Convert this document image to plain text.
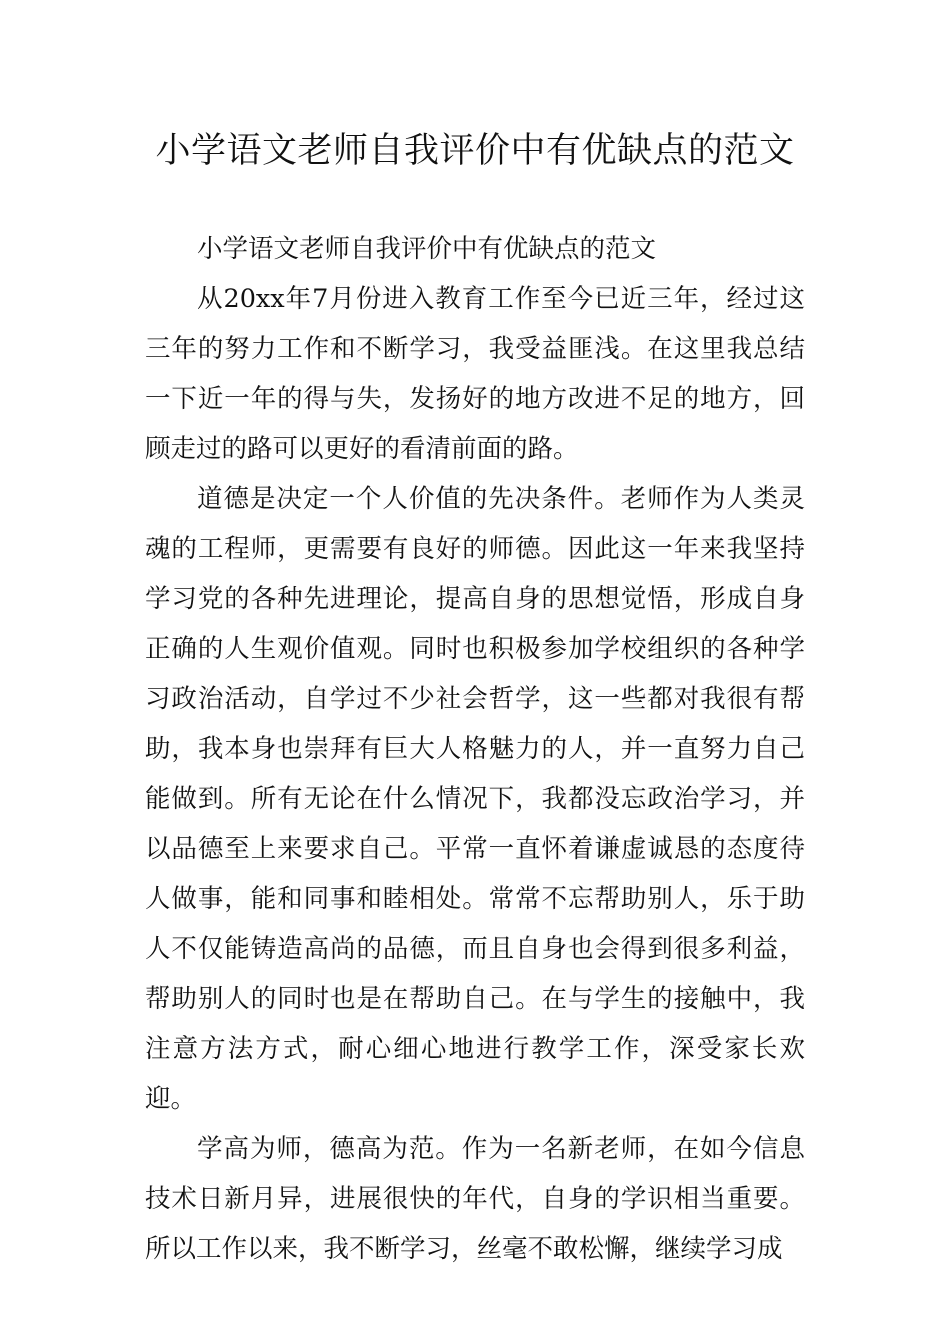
小学语文老师自我评价中有优缺点的范文

小学语文老师自我评价中有优缺点的范文

从20xx年7月份进入教育工作至今已近三年，经过这三年的努力工作和不断学习，我受益匪浅。在这里我总结一下近一年的得与失，发扬好的地方改进不足的地方，回顾走过的路可以更好的看清前面的路。

道德是决定一个人价值的先决条件。老师作为人类灵魂的工程师，更需要有良好的师德。因此这一年来我坚持学习党的各种先进理论，提高自身的思想觉悟，形成自身正确的人生观价值观。同时也积极参加学校组织的各种学习政治活动，自学过不少社会哲学，这一些都对我很有帮助，我本身也崇拜有巨大人格魅力的人，并一直努力自己能做到。所有无论在什么情况下，我都没忘政治学习，并以品德至上来要求自己。平常一直怀着谦虚诚恳的态度待人做事，能和同事和睦相处。常常不忘帮助别人，乐于助人不仅能铸造高尚的品德，而且自身也会得到很多利益，帮助别人的同时也是在帮助自己。在与学生的接触中，我注意方法方式，耐心细心地进行教学工作，深受家长欢迎。

学高为师，德高为范。作为一名新老师，在如今信息技术日新月异，进展很快的年代，自身的学识相当重要。所以工作以来，我不断学习，丝毫不敢松懈，继续学习成
